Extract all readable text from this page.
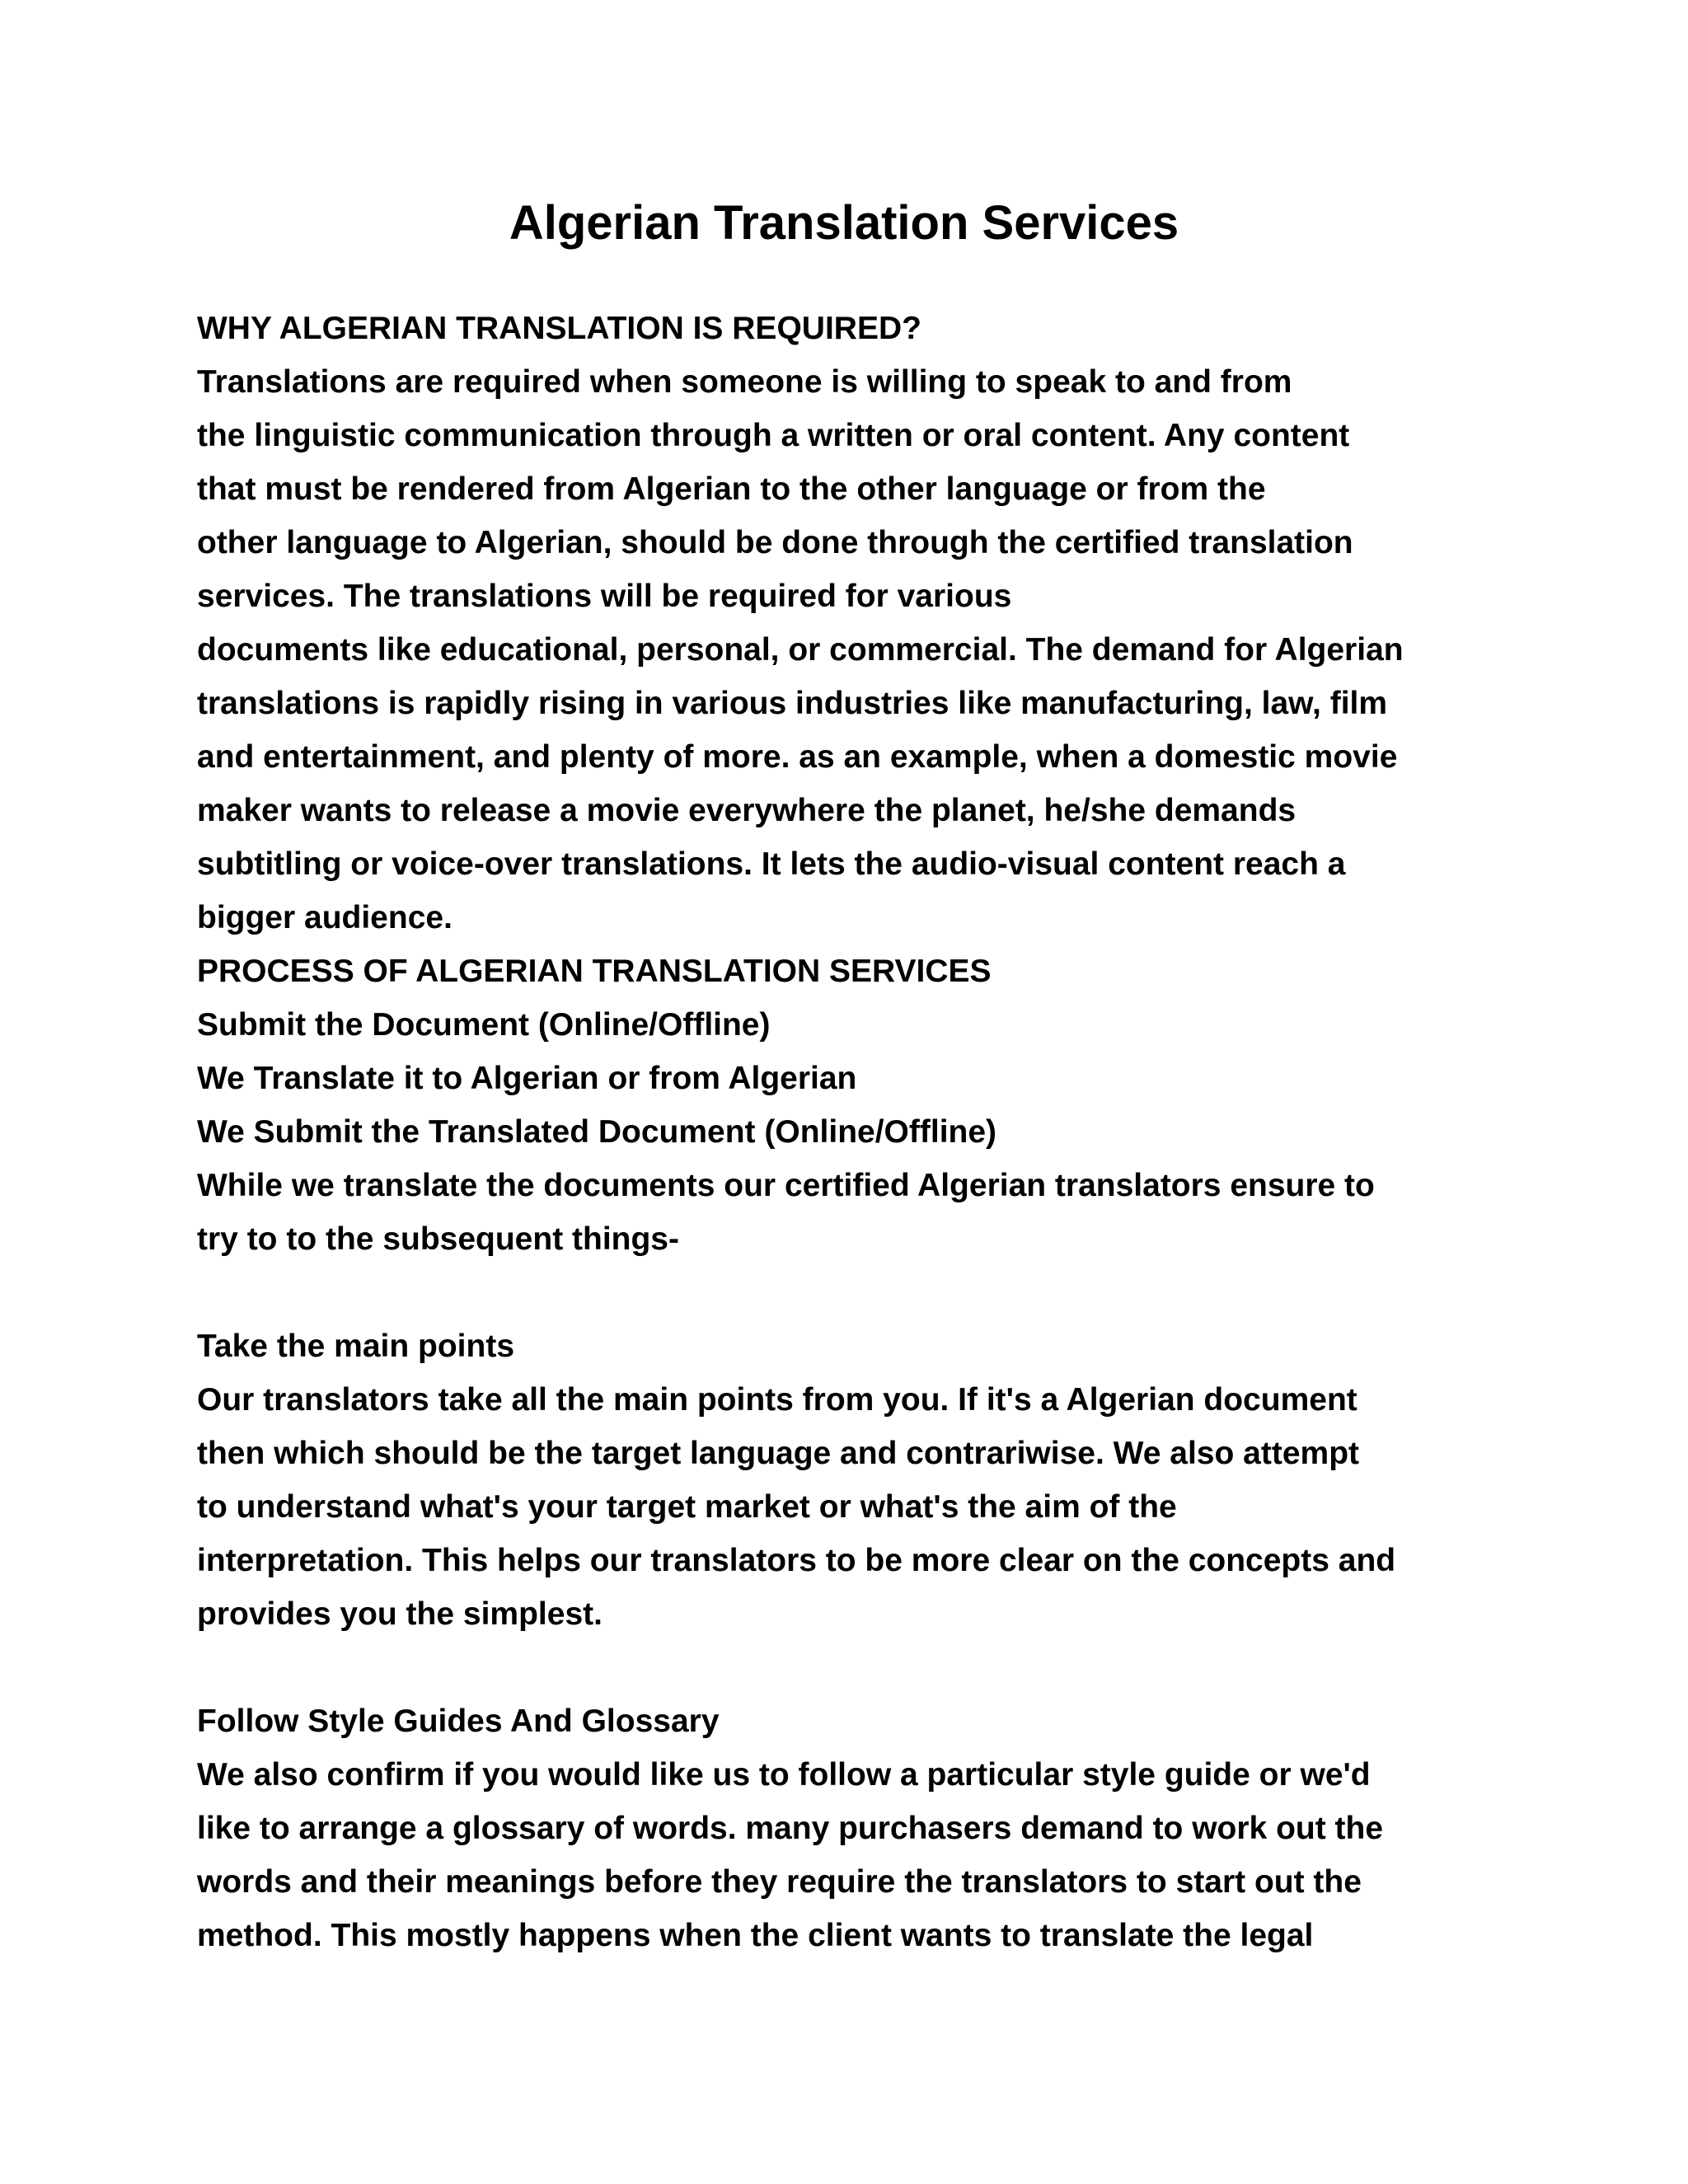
Algerian Translation Services
WHY ALGERIAN TRANSLATION IS REQUIRED?
Translations are required when someone is willing to speak to and from
the linguistic communication through a written or oral content. Any content
that must be rendered from Algerian to the other language or from the
other language to Algerian, should be done through the certified translation
services. The translations will be required for various
documents like educational, personal, or commercial. The demand for Algerian
translations is rapidly rising in various industries like manufacturing, law, film
and entertainment, and plenty of more. as an example, when a domestic movie
maker wants to release a movie everywhere the planet, he/she demands
subtitling or voice-over translations. It lets the audio-visual content reach a
bigger audience.
PROCESS OF ALGERIAN TRANSLATION SERVICES
Submit the Document (Online/Offline)
We Translate it to Algerian or from Algerian
We Submit the Translated Document (Online/Offline)
While we translate the documents our certified Algerian translators ensure to
try to to the subsequent things-
Take the main points
Our translators take all the main points from you. If it's a Algerian document
then which should be the target language and contrariwise. We also attempt
to understand what's your target market or what's the aim of the
interpretation. This helps our translators to be more clear on the concepts and
provides you the simplest.
Follow Style Guides And Glossary
We also confirm if you would like us to follow a particular style guide or we'd
like to arrange a glossary of words. many purchasers demand to work out the
words and their meanings before they require the translators to start out the
method. This mostly happens when the client wants to translate the legal
